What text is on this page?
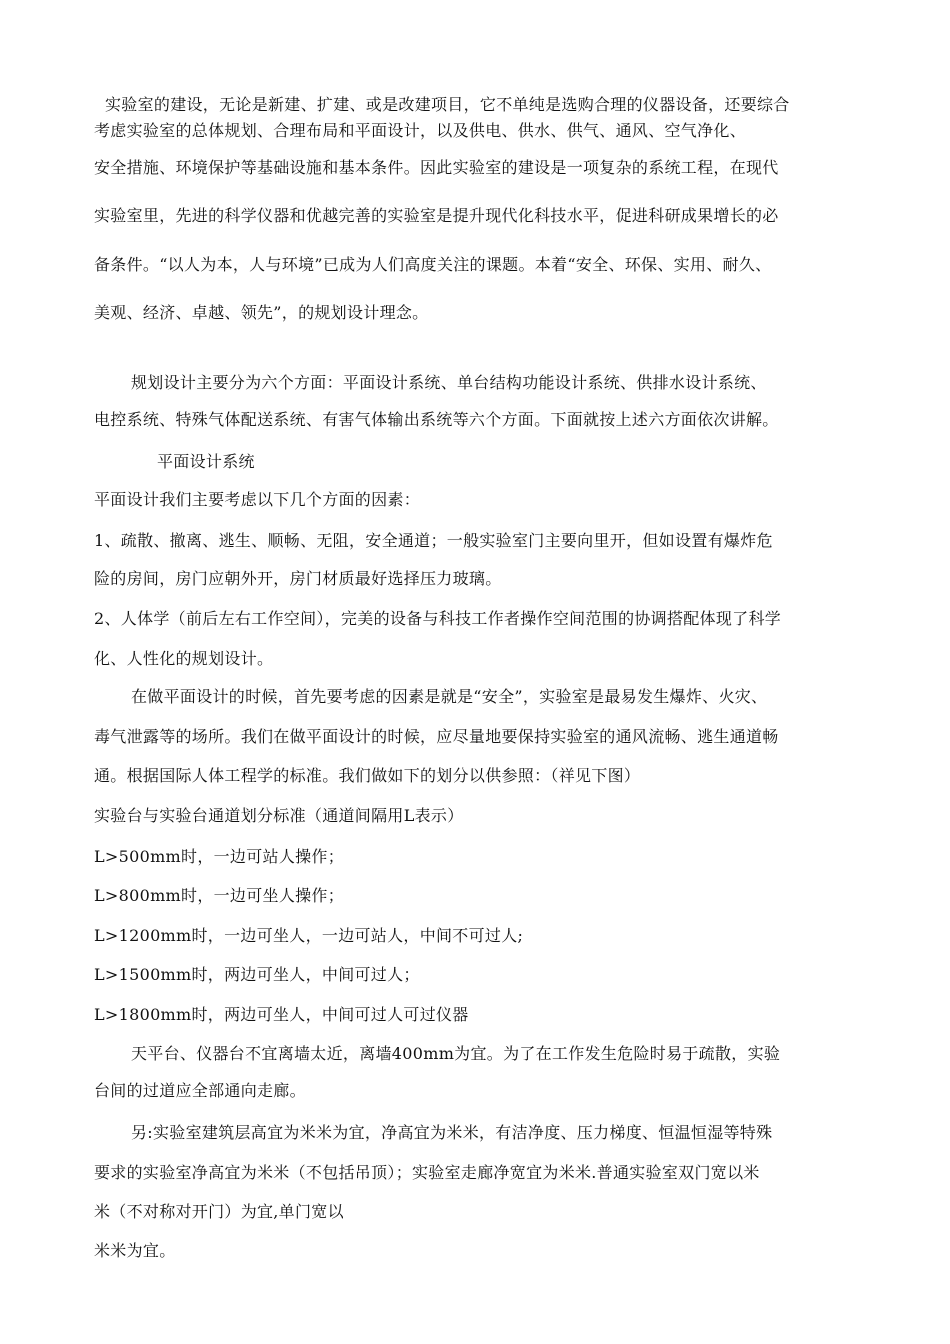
实验室的建设，无论是新建、扩建、或是改建项目，它不单纯是选购合理的仪器设备，还要综合
考虑实验室的总体规划、合理布局和平面设计，以及供电、供水、供气、通风、空气净化、
安全措施、环境保护等基础设施和基本条件。因此实验室的建设是一项复杂的系统工程，在现代
实验室里，先进的科学仪器和优越完善的实验室是提升现代化科技水平，促进科研成果增长的必
备条件。“以人为本，人与环境”已成为人们高度关注的课题。本着“安全、环保、实用、耐久、
美观、经济、卓越、领先”，的规划设计理念。
规划设计主要分为六个方面：平面设计系统、单台结构功能设计系统、供排水设计系统、
电控系统、特殊气体配送系统、有害气体输出系统等六个方面。下面就按上述六方面依次讲解。
平面设计系统
平面设计我们主要考虑以下几个方面的因素：
1、疏散、撤离、逃生、顺畅、无阻，安全通道；一般实验室门主要向里开，但如设置有爆炸危
险的房间，房门应朝外开，房门材质最好选择压力玻璃。
2、人体学（前后左右工作空间），完美的设备与科技工作者操作空间范围的协调搭配体现了科学
化、人性化的规划设计。
在做平面设计的时候，首先要考虑的因素是就是“安全”，实验室是最易发生爆炸、火灾、
毒气泄露等的场所。我们在做平面设计的时候，应尽量地要保持实验室的通风流畅、逃生通道畅
通。根据国际人体工程学的标准。我们做如下的划分以供参照：（祥见下图）
实验台与实验台通道划分标准（通道间隔用L表示）
L>500mm时，一边可站人操作；
L>800mm时，一边可坐人操作；
L>1200mm时，一边可坐人，一边可站人，中间不可过人;
L>1500mm时，两边可坐人，中间可过人；
L>1800mm时，两边可坐人，中间可过人可过仪器
天平台、仪器台不宜离墙太近，离墙400mm为宜。为了在工作发生危险时易于疏散，实验
台间的过道应全部通向走廊。
另:实验室建筑层高宜为米米为宜，净高宜为米米，有洁净度、压力梯度、恒温恒湿等特殊
要求的实验室净高宜为米米（不包括吊顶）；实验室走廊净宽宜为米米.普通实验室双门宽以米
米（不对称对开门）为宜,单门宽以
米米为宜。
